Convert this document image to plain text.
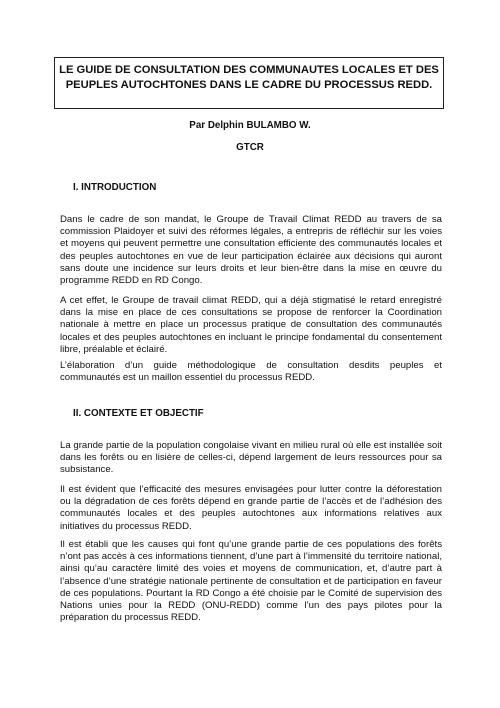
LE GUIDE DE CONSULTATION DES COMMUNAUTES LOCALES ET DES PEUPLES AUTOCHTONES DANS LE CADRE DU PROCESSUS REDD.
Par Delphin BULAMBO W.
GTCR
I. INTRODUCTION
Dans le cadre de son mandat, le Groupe de Travail Climat REDD au travers de sa commission Plaidoyer et suivi des réformes légales, a entrepris de réfléchir sur les voies et moyens qui peuvent permettre une consultation efficiente des communautés locales et des peuples autochtones en vue de leur participation éclairée aux décisions qui auront sans doute une incidence sur leurs droits et leur bien-être dans la mise en œuvre du programme REDD en RD Congo.
A cet effet, le Groupe de travail climat REDD, qui a déjà stigmatisé le retard enregistré dans la mise en place de ces consultations se propose de renforcer la Coordination nationale à mettre en place un processus pratique de consultation des communautés locales et des peuples autochtones en incluant le principe fondamental du consentement libre, préalable et éclairé.
L’élaboration d’un guide méthodologique de consultation desdits peuples et communautés est un maillon essentiel du processus REDD.
II. CONTEXTE ET OBJECTIF
La grande partie de la population congolaise vivant en milieu rural où elle est installée soit dans les forêts ou en lisière de celles-ci, dépend largement de leurs ressources pour sa subsistance.
Il est évident que l’efficacité des mesures envisagées pour lutter contre la déforestation ou la dégradation de ces forêts dépend en grande partie de l’accès et de l’adhésion des communautés locales et des peuples autochtones aux informations relatives aux initiatives du processus REDD.
Il est établi que les causes qui font qu’une grande partie de ces populations des forêts n’ont pas accès à ces informations tiennent, d’une part à l’immensité du territoire national, ainsi qu’au caractère limité des voies et moyens de communication, et, d’autre part à l’absence d’une stratégie nationale pertinente de consultation et de participation en faveur de ces populations. Pourtant la RD Congo a été choisie par le Comité de supervision des Nations unies pour la REDD (ONU-REDD) comme l’un des pays pilotes pour la préparation du processus REDD.
